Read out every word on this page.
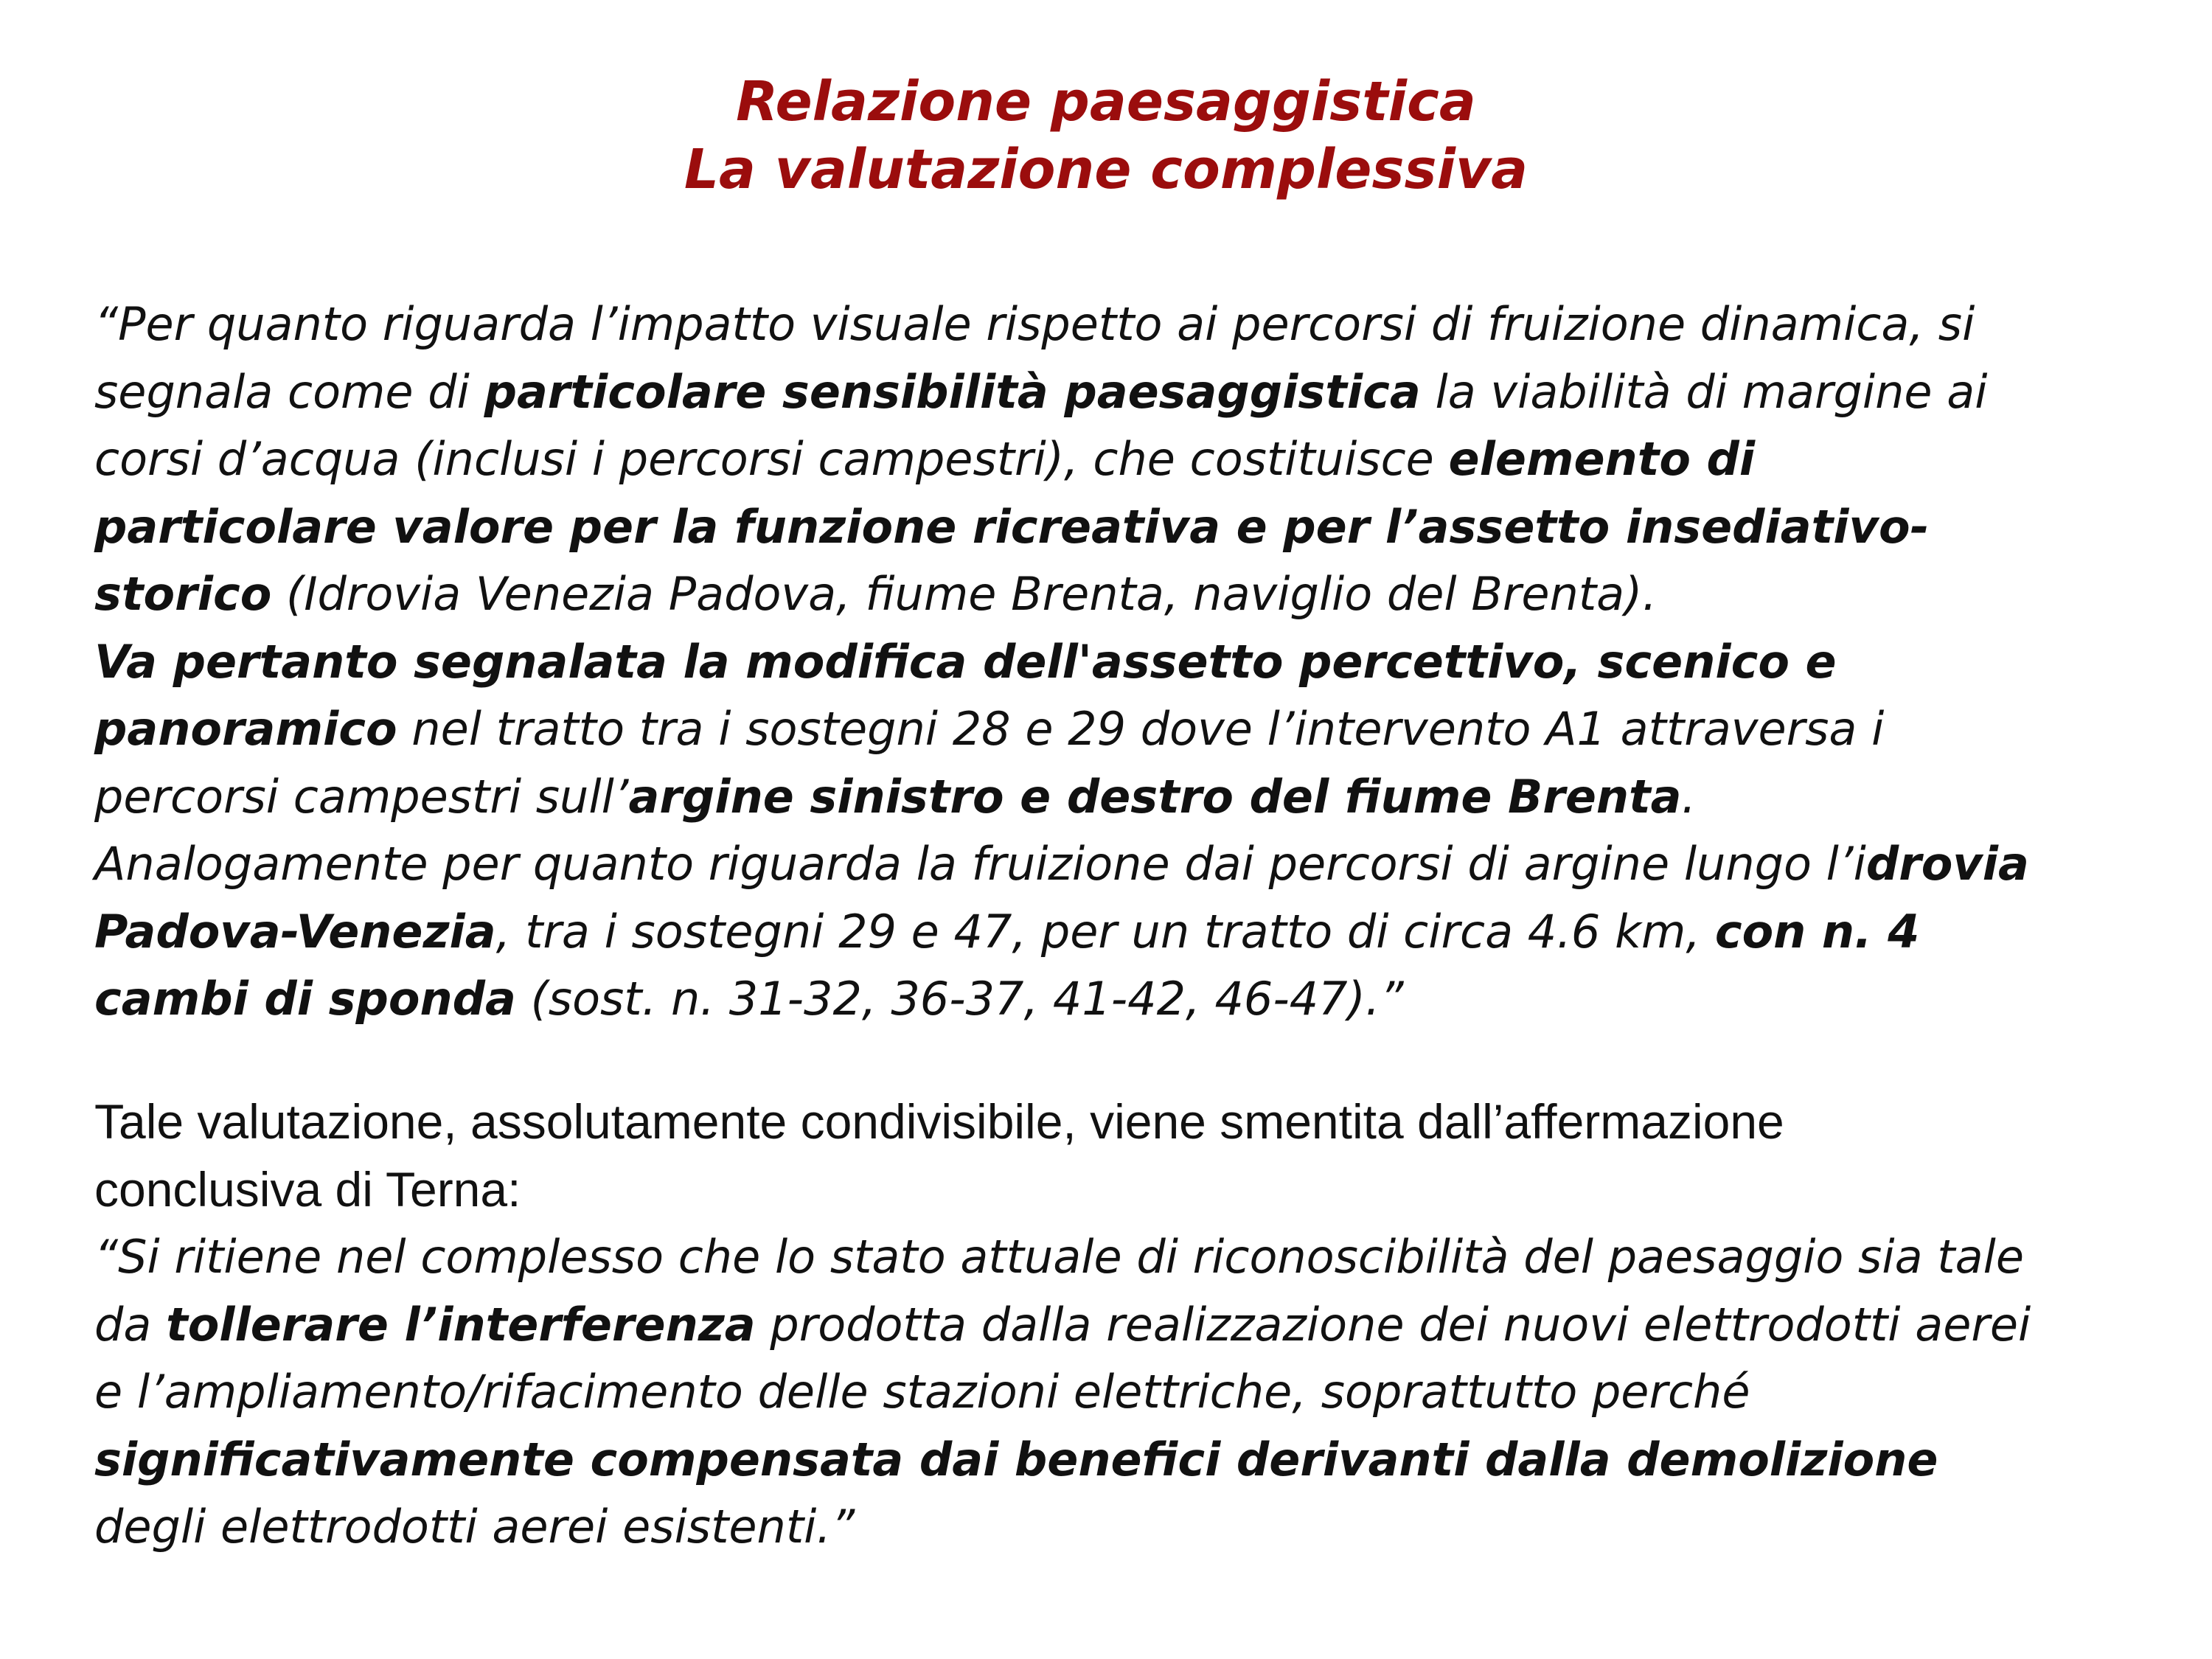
Relazione paesaggistica
La valutazione complessiva
“Per quanto riguarda l’impatto visuale rispetto ai percorsi di fruizione dinamica, si
segnala come di particolare sensibilità paesaggistica la viabilità di margine ai
corsi d’acqua (inclusi i percorsi campestri), che costituisce elemento di
particolare valore per la funzione ricreativa e per l’assetto insediativo-
storico (Idrovia Venezia Padova, fiume Brenta, naviglio del Brenta).
Va pertanto segnalata la modifica dell'assetto percettivo, scenico e
panoramico nel tratto tra i sostegni 28 e 29 dove l’intervento A1 attraversa i
percorsi campestri sull’argine sinistro e destro del fiume Brenta.
Analogamente per quanto riguarda la fruizione dai percorsi di argine lungo l’idrovia
Padova-Venezia, tra i sostegni 29 e 47, per un tratto di circa 4.6 km, con n. 4
cambi di sponda (sost. n. 31-32, 36-37, 41-42, 46-47).”
Tale valutazione, assolutamente condivisibile, viene smentita dall’affermazione
conclusiva di Terna:
“Si ritiene nel complesso che lo stato attuale di riconoscibilità del paesaggio sia tale
da tollerare l’interferenza prodotta dalla realizzazione dei nuovi elettrodotti aerei
e l’ampliamento/rifacimento delle stazioni elettriche, soprattutto perché
significativamente compensata dai benefici derivanti dalla demolizione
degli elettrodotti aerei esistenti.”
